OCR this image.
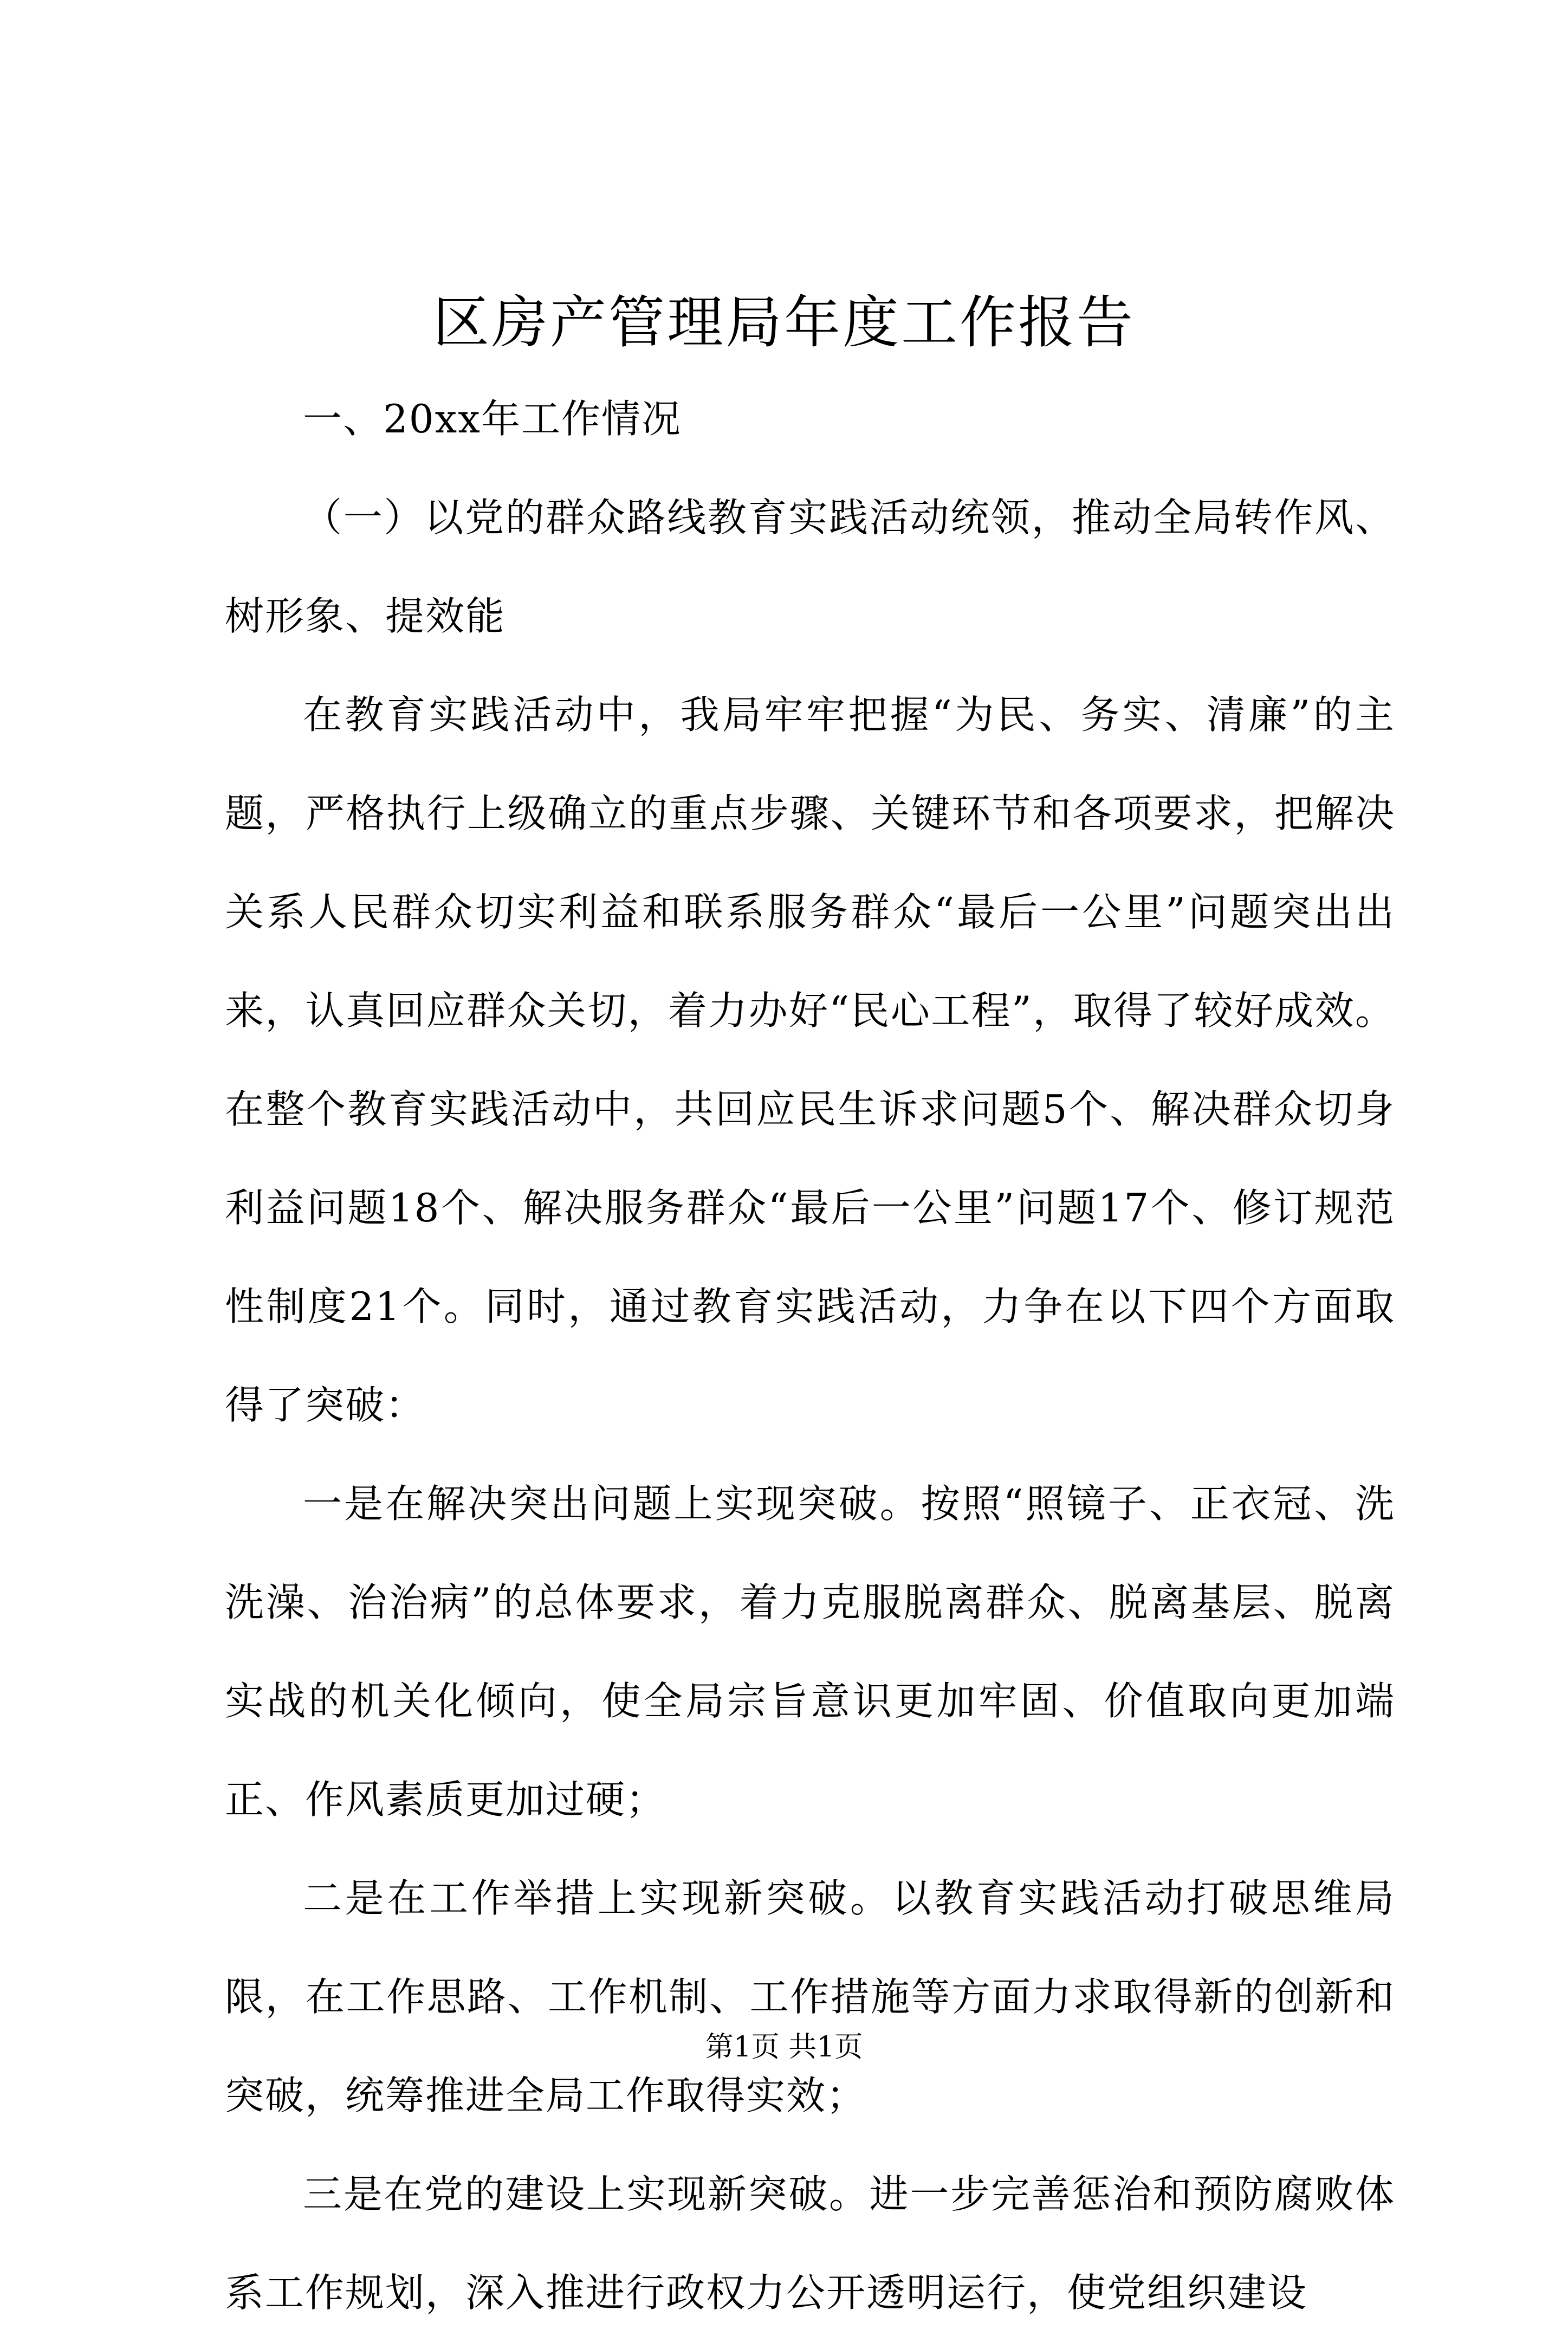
区房产管理局年度工作报告

一、20xx年工作情况

（一）以党的群众路线教育实践活动统领，推动全局转作风、树形象、提效能

在教育实践活动中，我局牢牢把握“为民、务实、清廉”的主题，严格执行上级确立的重点步骤、关键环节和各项要求，把解决关系人民群众切实利益和联系服务群众“最后一公里”问题突出出来，认真回应群众关切，着力办好“民心工程”，取得了较好成效。在整个教育实践活动中，共回应民生诉求问题5个、解决群众切身利益问题18个、解决服务群众“最后一公里”问题17个、修订规范性制度21个。同时，通过教育实践活动，力争在以下四个方面取得了突破：

一是在解决突出问题上实现突破。按照“照镜子、正衣冠、洗洗澡、治治病”的总体要求，着力克服脱离群众、脱离基层、脱离实战的机关化倾向，使全局宗旨意识更加牢固、价值取向更加端正、作风素质更加过硬；

二是在工作举措上实现新突破。以教育实践活动打破思维局限，在工作思路、工作机制、工作措施等方面力求取得新的创新和突破，统筹推进全局工作取得实效；

三是在党的建设上实现新突破。进一步完善惩治和预防腐败体系工作规划，深入推进行政权力公开透明运行，使党组织建设

第1页 共1页
